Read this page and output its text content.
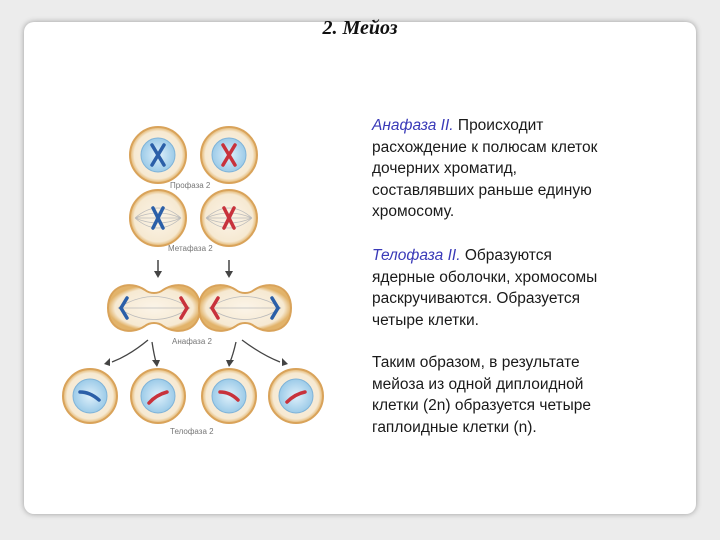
2. Мейоз
Профаза 2
Метафаза 2
Анафаза 2
Телофаза 2
Анафаза II. Происходит
расхождение к полюсам клеток
дочерних хроматид,
составлявших раньше единую
хромосому.
Телофаза II. Образуются
ядерные оболочки, хромосомы
раскручиваются. Образуется
четыре клетки.
Таким образом, в результате
мейоза из одной диплоидной
клетки (2n) образуется четыре
гаплоидные клетки (n).
